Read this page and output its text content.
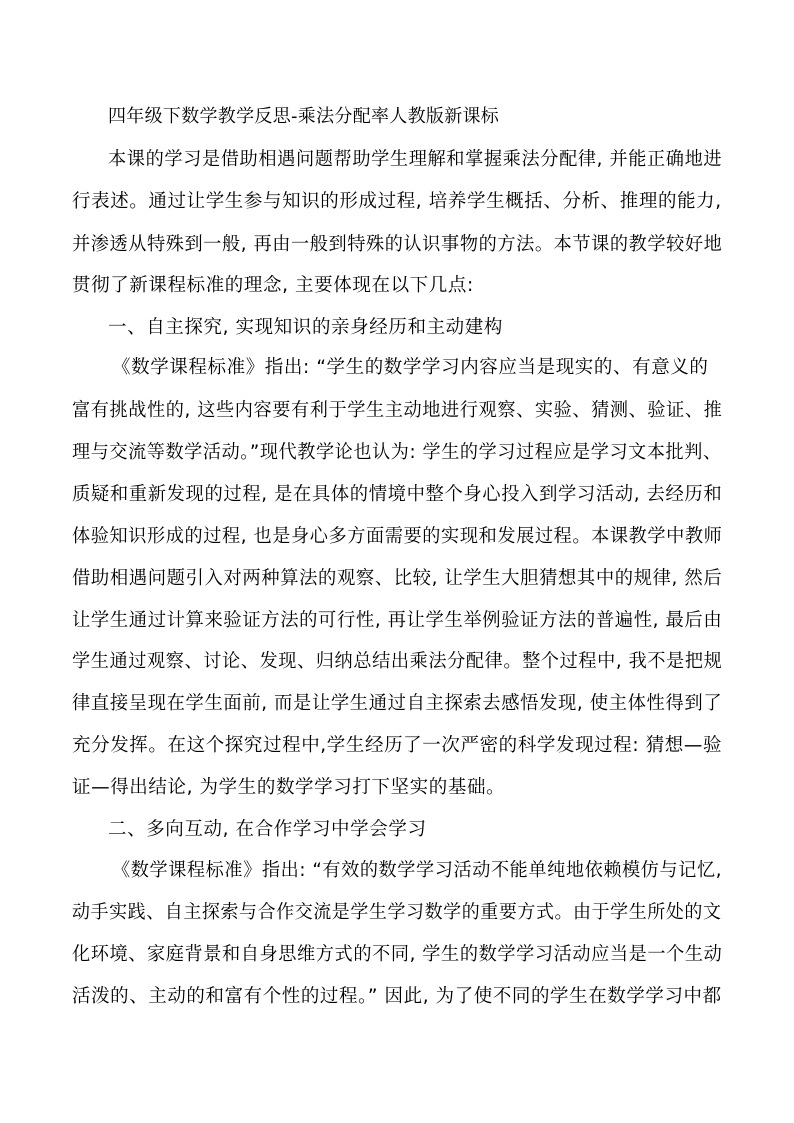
四年级下数学教学反思-乘法分配率人教版新课标
本课的学习是借助相遇问题帮助学生理解和掌握乘法分配律, 并能正确地进
行表述。通过让学生参与知识的形成过程, 培养学生概括、分析、推理的能力,
并渗透从特殊到一般, 再由一般到特殊的认识事物的方法。本节课的教学较好地
贯彻了新课程标准的理念, 主要体现在以下几点:
一、自主探究, 实现知识的亲身经历和主动建构
《数学课程标准》指出: “学生的数学学习内容应当是现实的、有意义的
富有挑战性的, 这些内容要有利于学生主动地进行观察、实验、猜测、验证、推
理与交流等数学活动。”现代教学论也认为: 学生的学习过程应是学习文本批判、
质疑和重新发现的过程, 是在具体的情境中整个身心投入到学习活动, 去经历和
体验知识形成的过程, 也是身心多方面需要的实现和发展过程。本课教学中教师
借助相遇问题引入对两种算法的观察、比较, 让学生大胆猜想其中的规律, 然后
让学生通过计算来验证方法的可行性, 再让学生举例验证方法的普遍性, 最后由
学生通过观察、讨论、发现、归纳总结出乘法分配律。整个过程中, 我不是把规
律直接呈现在学生面前, 而是让学生通过自主探索去感悟发现, 使主体性得到了
充分发挥。在这个探究过程中,学生经历了一次严密的科学发现过程: 猜想—验
证—得出结论, 为学生的数学学习打下坚实的基础。
二、多向互动, 在合作学习中学会学习
《数学课程标准》指出: “有效的数学学习活动不能单纯地依赖模仿与记忆,
动手实践、自主探索与合作交流是学生学习数学的重要方式。由于学生所处的文
化环境、家庭背景和自身思维方式的不同, 学生的数学学习活动应当是一个生动
活泼的、主动的和富有个性的过程。” 因此, 为了使不同的学生在数学学习中都
